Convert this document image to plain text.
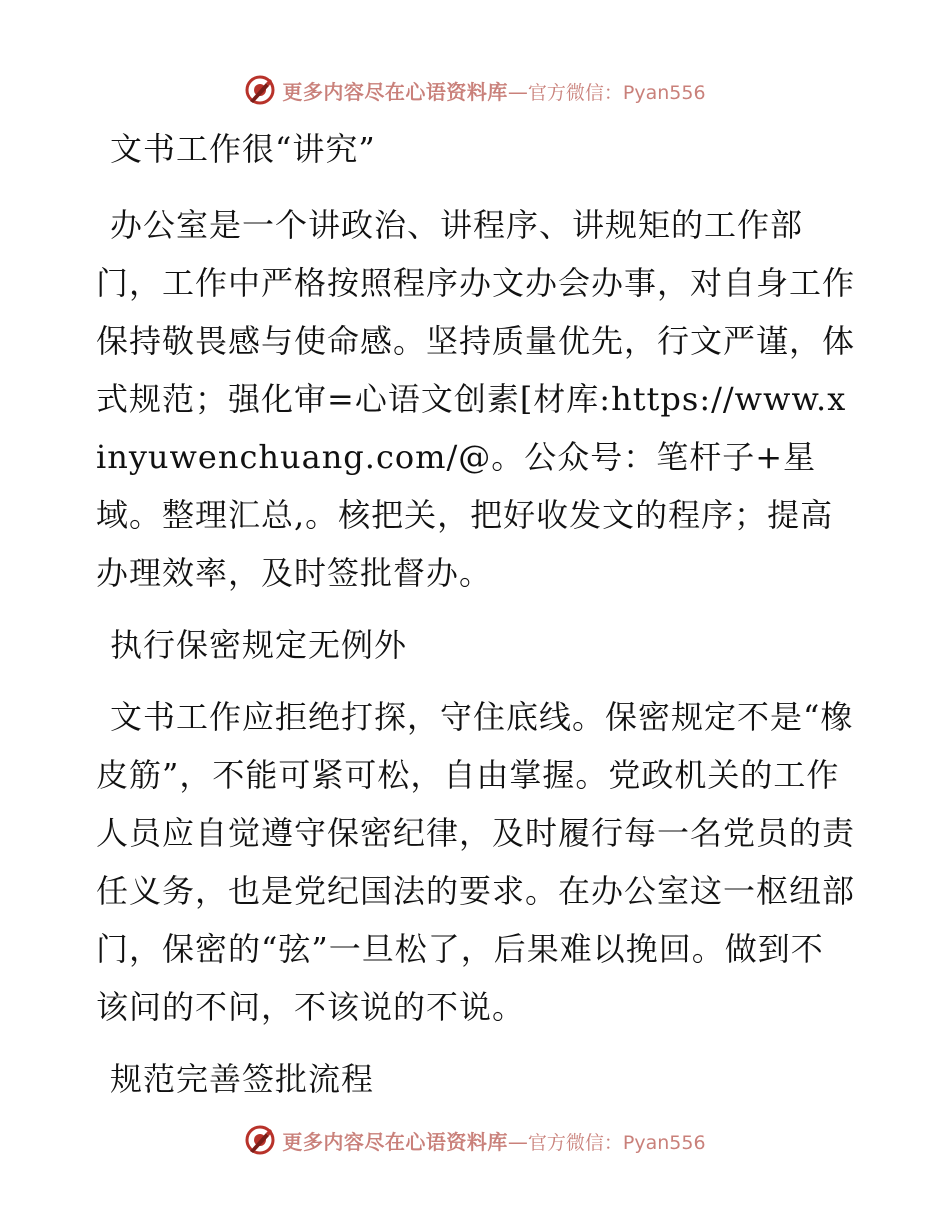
更多内容尽在心语资料库 — 官方微信：Pyan556

文书工作很“讲究”

办公室是一个讲政治、讲程序、讲规矩的工作部门，工作中严格按照程序办文办会办事，对自身工作保持敬畏感与使命感。坚持质量优先，行文严谨，体式规范；强化审=心语文创素[材库:https://www.xinyuwenchuang.com/@。公众号：笔杆子+星域。整理汇总,。核把关，把好收发文的程序；提高办理效率，及时签批督办。

执行保密规定无例外

文书工作应拒绝打探，守住底线。保密规定不是“橡皮筋”，不能可紧可松，自由掌握。党政机关的工作人员应自觉遵守保密纪律，及时履行每一名党员的责任义务，也是党纪国法的要求。在办公室这一枢纽部门，保密的“弦”一旦松了，后果难以挽回。做到不该问的不问，不该说的不说。

规范完善签批流程

更多内容尽在心语资料库 — 官方微信：Pyan556
